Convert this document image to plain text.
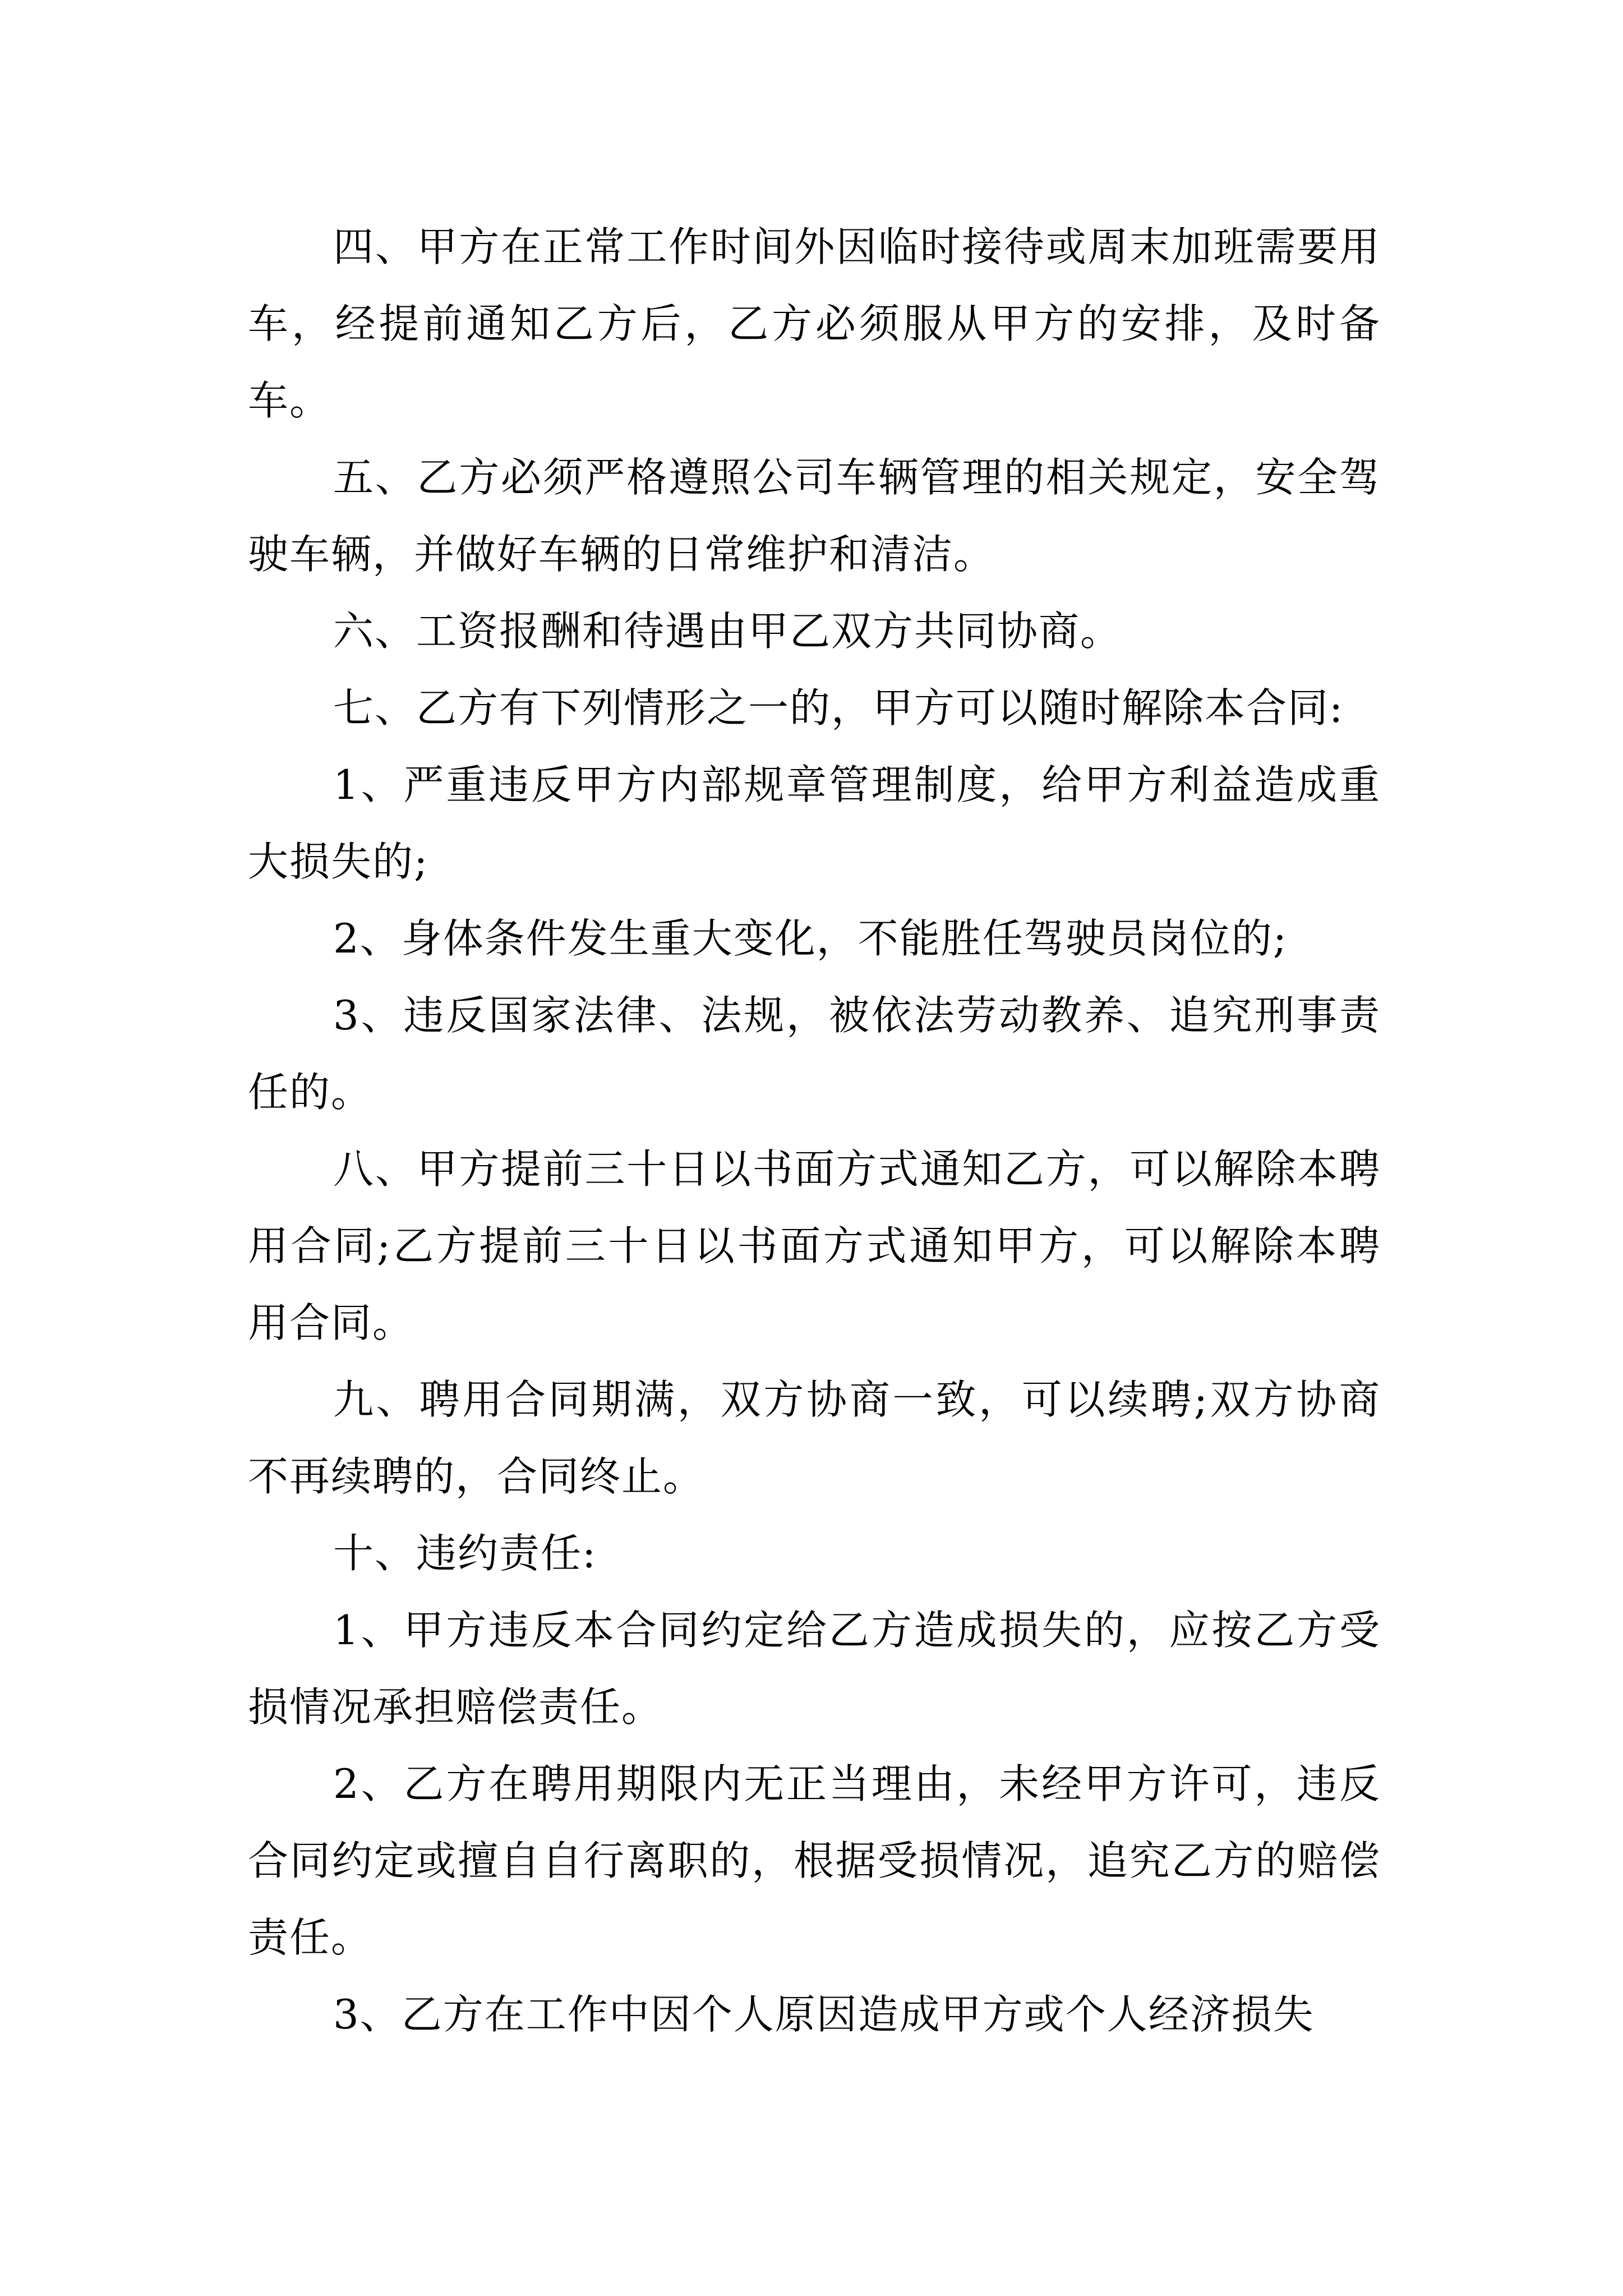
四、甲方在正常工作时间外因临时接待或周末加班需要用车，经提前通知乙方后，乙方必须服从甲方的安排，及时备车。

五、乙方必须严格遵照公司车辆管理的相关规定，安全驾驶车辆，并做好车辆的日常维护和清洁。

六、工资报酬和待遇由甲乙双方共同协商。

七、乙方有下列情形之一的，甲方可以随时解除本合同:

1、严重违反甲方内部规章管理制度，给甲方利益造成重大损失的;

2、身体条件发生重大变化，不能胜任驾驶员岗位的;

3、违反国家法律、法规，被依法劳动教养、追究刑事责任的。

八、甲方提前三十日以书面方式通知乙方，可以解除本聘用合同;乙方提前三十日以书面方式通知甲方，可以解除本聘用合同。

九、聘用合同期满，双方协商一致，可以续聘;双方协商不再续聘的，合同终止。

十、违约责任:

1、甲方违反本合同约定给乙方造成损失的，应按乙方受损情况承担赔偿责任。

2、乙方在聘用期限内无正当理由，未经甲方许可，违反合同约定或擅自自行离职的，根据受损情况，追究乙方的赔偿责任。

3、乙方在工作中因个人原因造成甲方或个人经济损失
